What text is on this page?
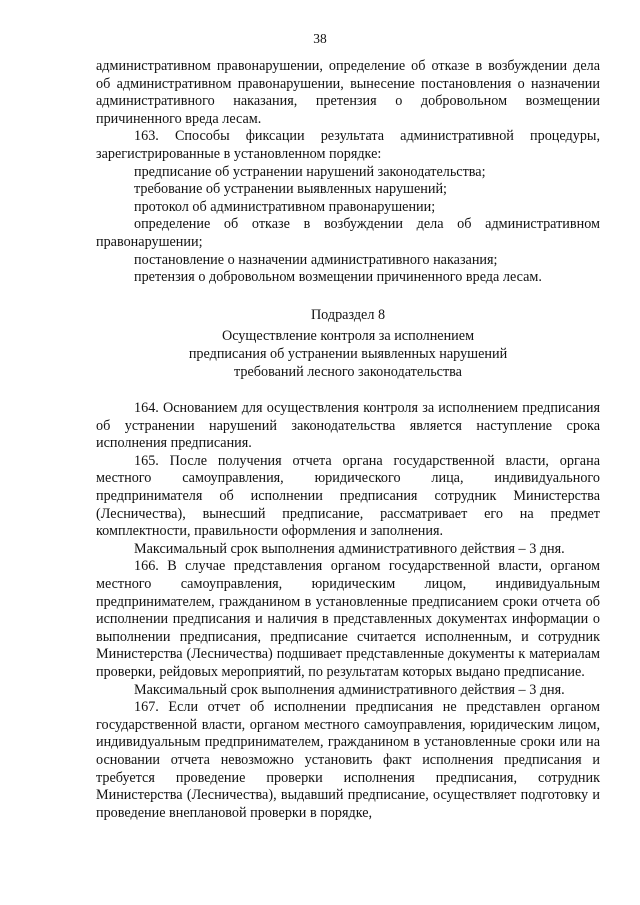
38

административном правонарушении, определение об отказе в возбуждении дела об административном правонарушении, вынесение постановления о назначении административного наказания, претензия о добровольном возмещении причиненного вреда лесам.

163. Способы фиксации результата административной процедуры, зарегистрированные в установленном порядке:

предписание об устранении нарушений законодательства;

требование об устранении выявленных нарушений;

протокол об административном правонарушении;

определение об отказе в возбуждении дела об административном правонарушении;

постановление о назначении административного наказания;

претензия о добровольном возмещении причиненного вреда лесам.

Подраздел 8
Осуществление контроля за исполнением
предписания об устранении выявленных нарушений
требований лесного законодательства

164. Основанием для осуществления контроля за исполнением предписания об устранении нарушений законодательства является наступление срока исполнения предписания.

165. После получения отчета органа государственной власти, органа местного самоуправления, юридического лица, индивидуального предпринимателя об исполнении предписания сотрудник Министерства (Лесничества), вынесший предписание, рассматривает его на предмет комплектности, правильности оформления и заполнения.

Максимальный срок выполнения административного действия – 3 дня.

166. В случае представления органом государственной власти, органом местного самоуправления, юридическим лицом, индивидуальным предпринимателем, гражданином в установленные предписанием сроки отчета об исполнении предписания и наличия в представленных документах информации о выполнении предписания, предписание считается исполненным, и сотрудник Министерства (Лесничества) подшивает представленные документы к материалам проверки, рейдовых мероприятий, по результатам которых выдано предписание.

Максимальный срок выполнения административного действия – 3 дня.

167. Если отчет об исполнении предписания не представлен органом государственной власти, органом местного самоуправления, юридическим лицом, индивидуальным предпринимателем, гражданином в установленные сроки или на основании отчета невозможно установить факт исполнения предписания и требуется проведение проверки исполнения предписания, сотрудник Министерства (Лесничества), выдавший предписание, осуществляет подготовку и проведение внеплановой проверки в порядке,
